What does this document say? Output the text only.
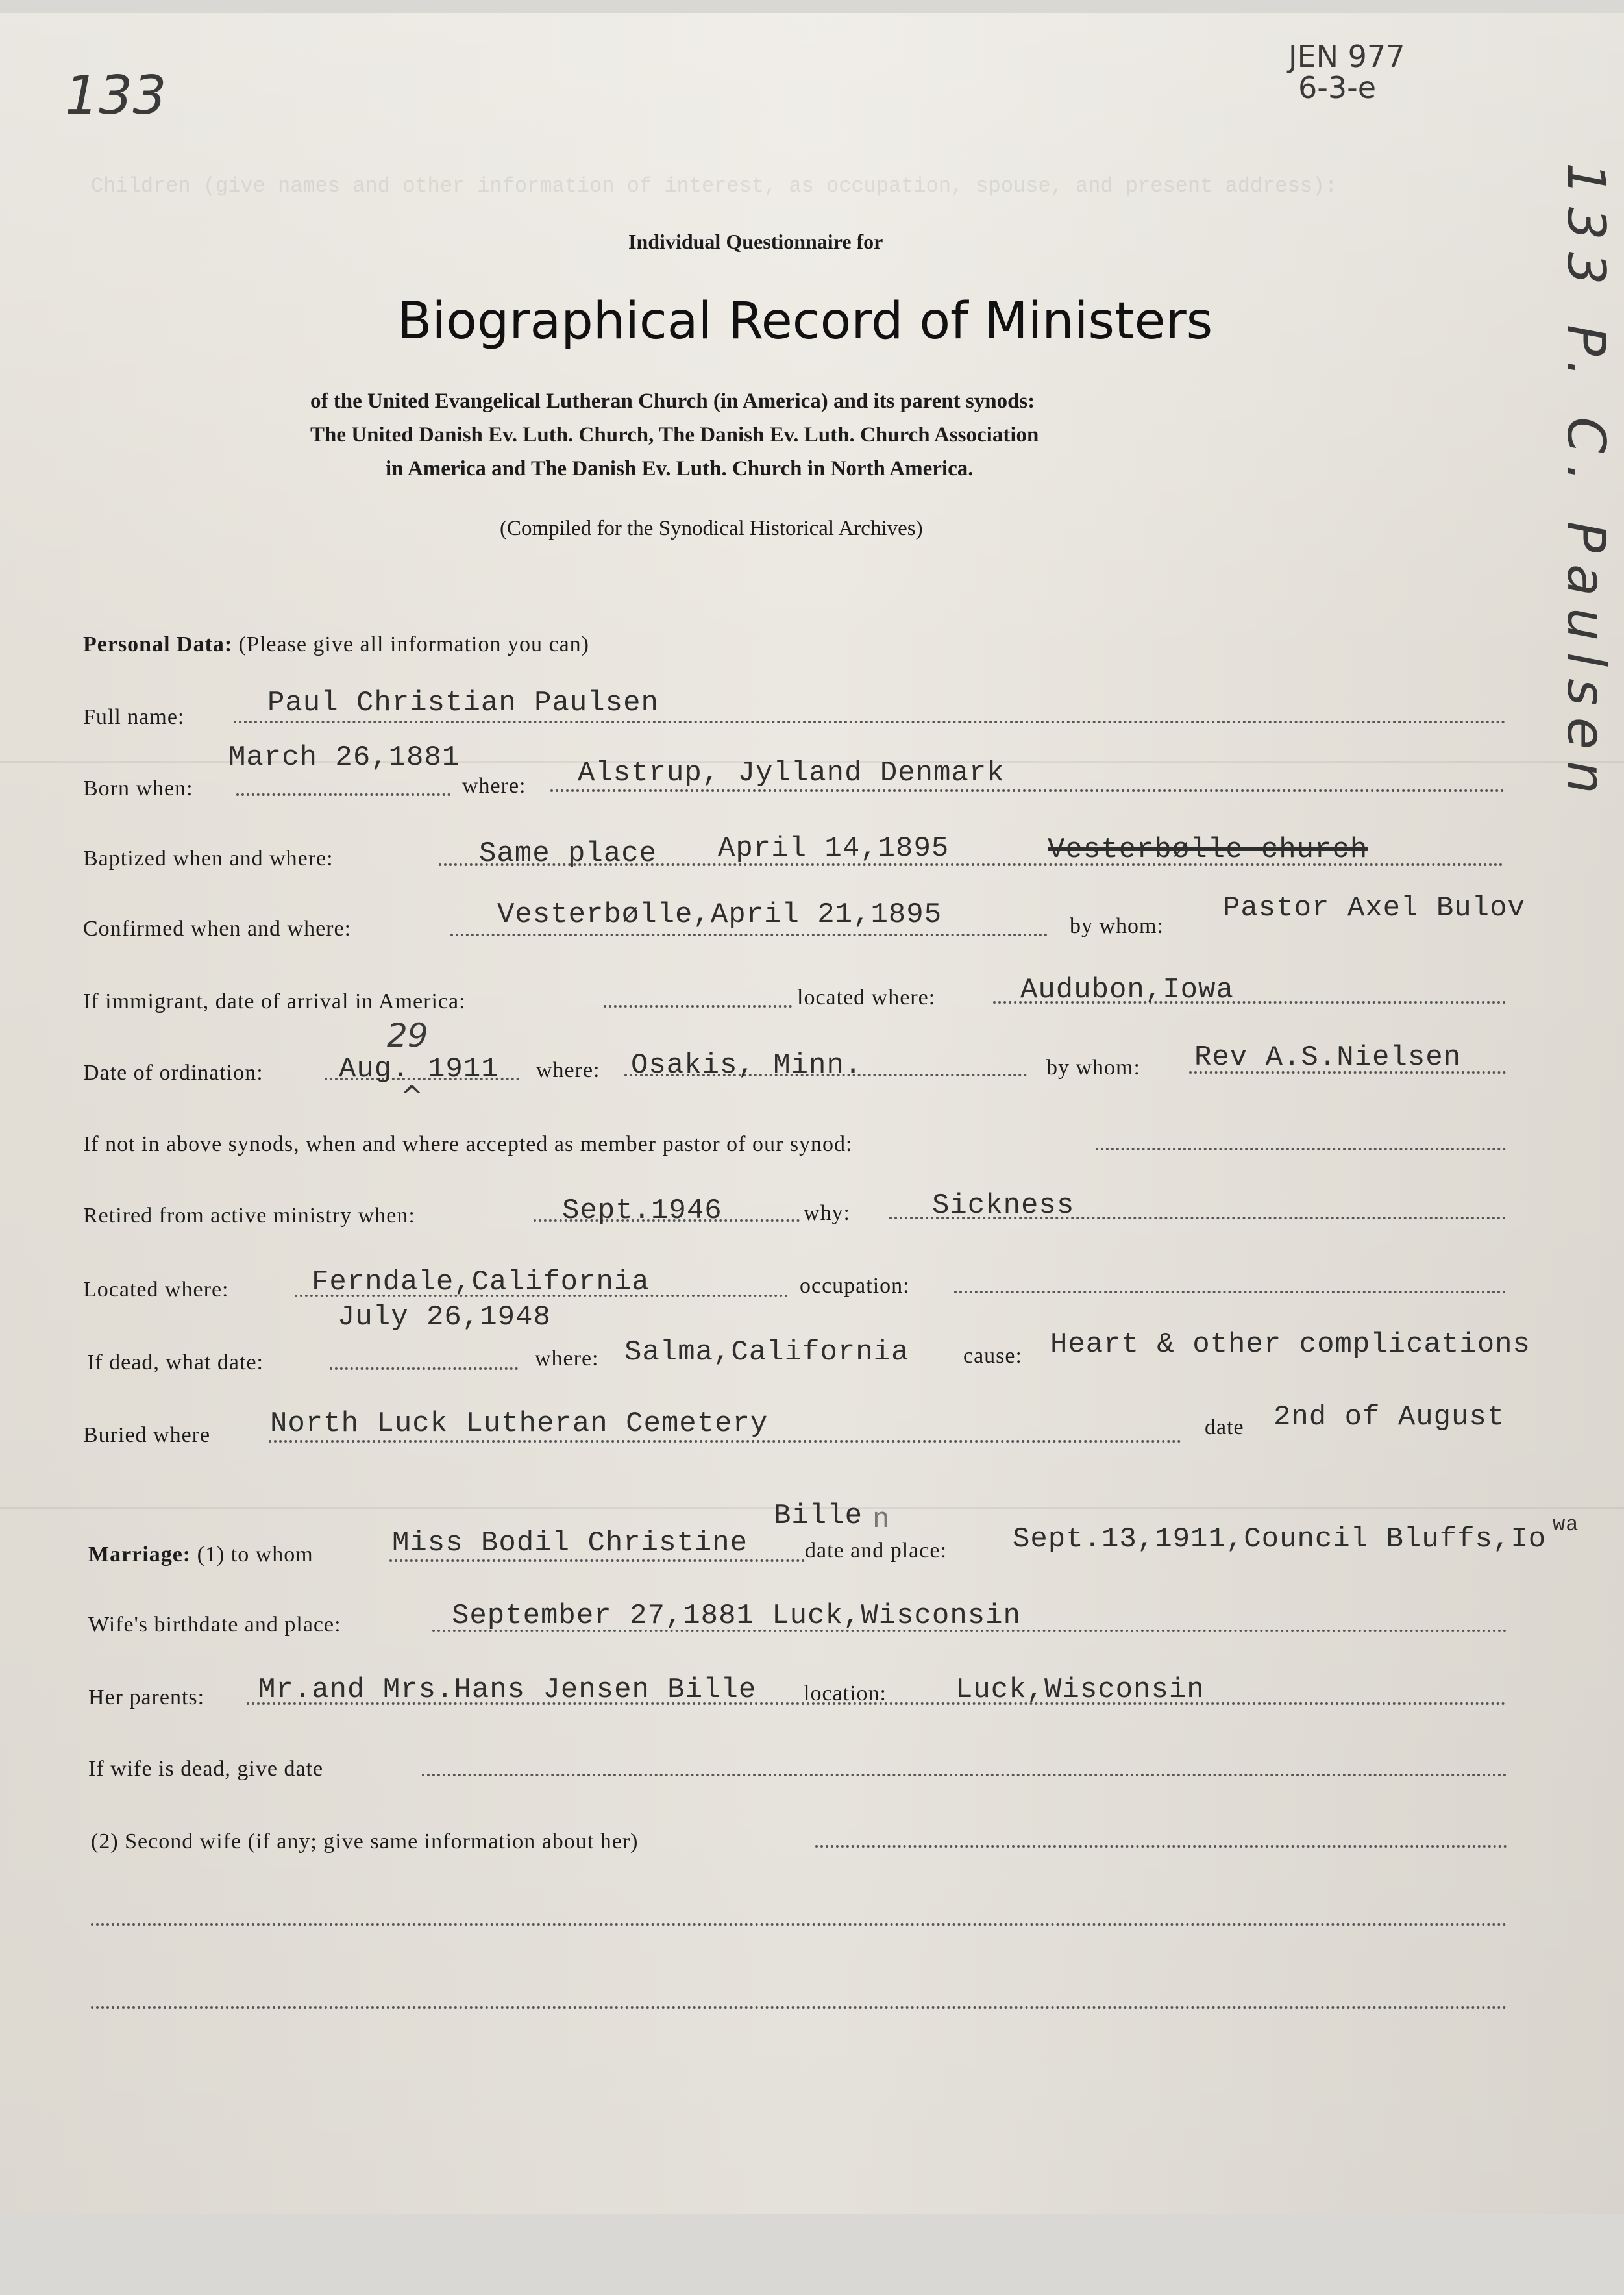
Children (give names and other information of interest, as occupation, spouse, and present address):
133
JEN 977
6-3-e
133 P. C. Paulsen
Individual Questionnaire for
Biographical Record of Ministers
of the United Evangelical Lutheran Church (in America) and its parent synods:
The United Danish Ev. Luth. Church, The Danish Ev. Luth. Church Association
in America and The Danish Ev. Luth. Church in North America.
(Compiled for the Synodical Historical Archives)
Personal Data: (Please give all information you can)
Full name:	Paul Christian Paulsen
Born when:
March 26,1881
where: Alstrup, Jylland Denmark
Baptized when and where:	Same place April 14,1895	Vesterbølle church
Confirmed when and where:	Vesterbølle,April 21,1895	by whom:
Pastor Axel Bulov
If immigrant, date of arrival in America:	located where:	Audubon,Iowa
Date of ordination:	Aug. 1911
29
^
where: Osakis, Minn.	by whom: Rev A.S.Nielsen
If not in above synods, when and where accepted as member pastor of our synod:
Retired from active ministry when:	Sept.1946	why:	Sickness
Located where:	Ferndale,California	occupation:
If dead, what date:
July 26,1948
where: Salma,California cause: Heart & other complications
Buried where North Luck Lutheran Cemetery	date 2nd of August
Marriage: (1) to whom	Miss Bodil Christine
Bille n
date and place: Sept.13,1911,Council Bluffs,Io wa
Wife's birthdate and place:	September 27,1881 Luck,Wisconsin
Her parents: Mr.and Mrs.Hans Jensen Bille location: Luck,Wisconsin
If wife is dead, give date
(2) Second wife (if any; give same information about her)
